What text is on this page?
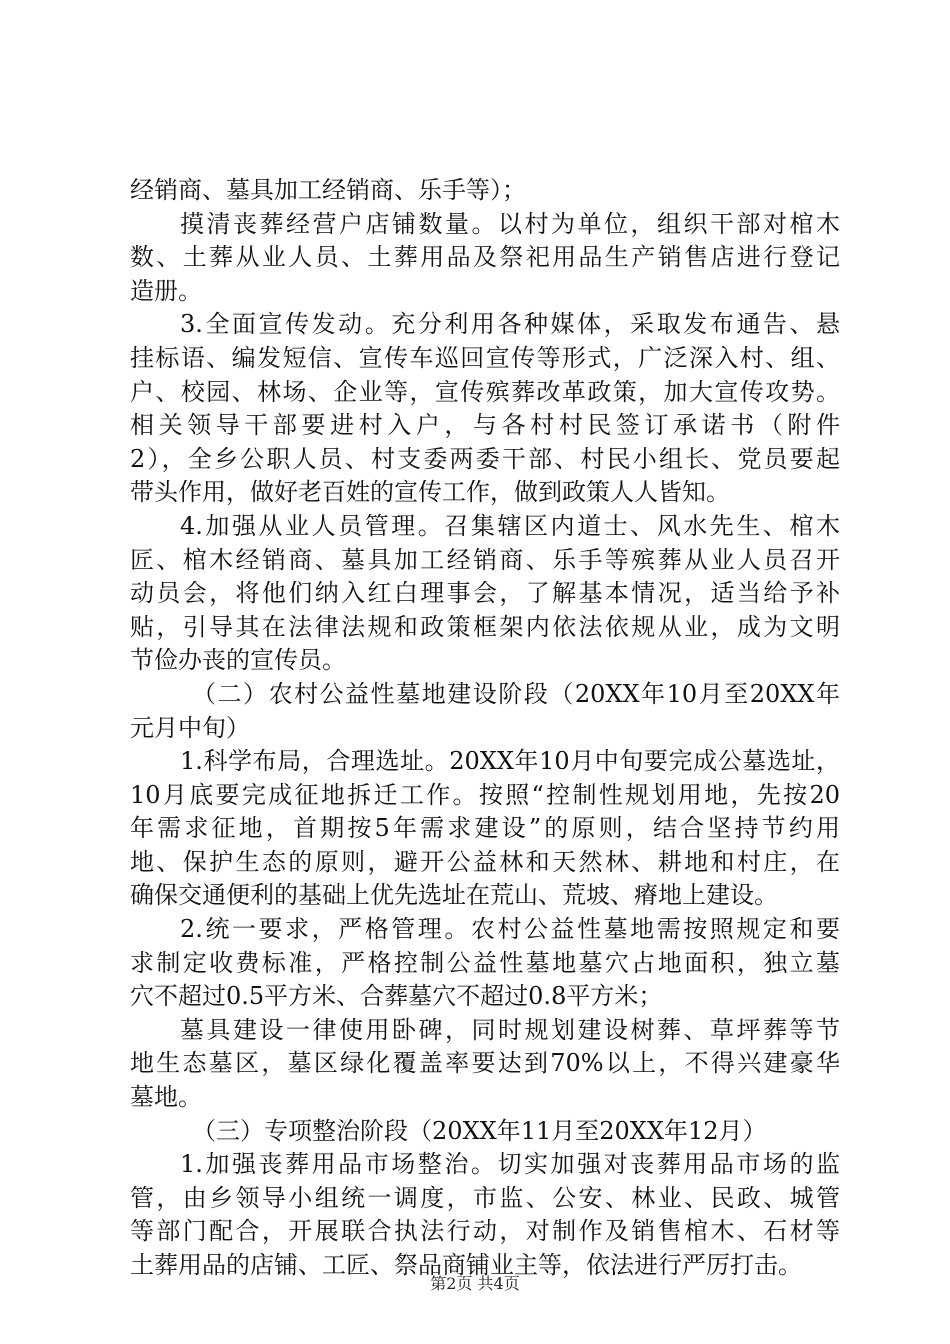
经销商、墓具加工经销商、乐手等）；
摸清丧葬经营户店铺数量。以村为单位，组织干部对棺木
数、土葬从业人员、土葬用品及祭祀用品生产销售店进行登记
造册。
3.全面宣传发动。充分利用各种媒体，采取发布通告、悬
挂标语、编发短信、宣传车巡回宣传等形式，广泛深入村、组、
户、校园、林场、企业等，宣传殡葬改革政策，加大宣传攻势。
相关领导干部要进村入户，与各村村民签订承诺书（附件
2），全乡公职人员、村支委两委干部、村民小组长、党员要起
带头作用，做好老百姓的宣传工作，做到政策人人皆知。
4.加强从业人员管理。召集辖区内道士、风水先生、棺木
匠、棺木经销商、墓具加工经销商、乐手等殡葬从业人员召开
动员会，将他们纳入红白理事会，了解基本情况，适当给予补
贴，引导其在法律法规和政策框架内依法依规从业，成为文明
节俭办丧的宣传员。
（二）农村公益性墓地建设阶段（20XX年10月至20XX年
元月中旬）
1.科学布局，合理选址。20XX年10月中旬要完成公墓选址，
10月底要完成征地拆迁工作。按照“控制性规划用地，先按20
年需求征地，首期按5年需求建设”的原则，结合坚持节约用
地、保护生态的原则，避开公益林和天然林、耕地和村庄，在
确保交通便利的基础上优先选址在荒山、荒坡、瘠地上建设。
2.统一要求，严格管理。农村公益性墓地需按照规定和要
求制定收费标准，严格控制公益性墓地墓穴占地面积，独立墓
穴不超过0.5平方米、合葬墓穴不超过0.8平方米；
墓具建设一律使用卧碑，同时规划建设树葬、草坪葬等节
地生态墓区，墓区绿化覆盖率要达到70%以上，不得兴建豪华
墓地。
（三）专项整治阶段（20XX年11月至20XX年12月）
1.加强丧葬用品市场整治。切实加强对丧葬用品市场的监
管，由乡领导小组统一调度，市监、公安、林业、民政、城管
等部门配合，开展联合执法行动，对制作及销售棺木、石材等
土葬用品的店铺、工匠、祭品商铺业主等，依法进行严厉打击。
第2页 共4页
